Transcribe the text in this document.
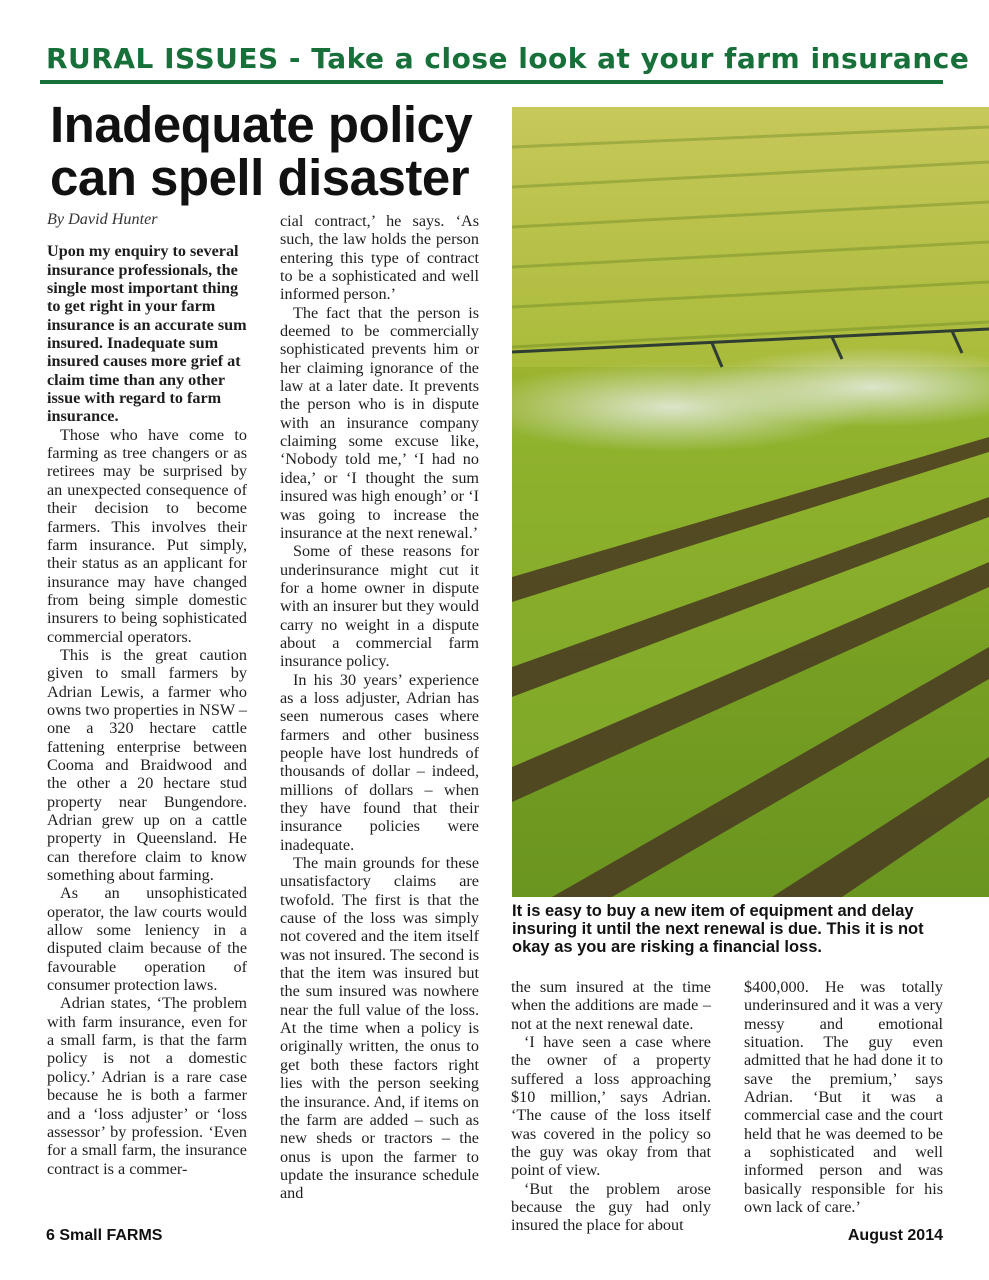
RURAL ISSUES - Take a close look at your farm insurance
Inadequate policy can spell disaster

By David Hunter

Upon my enquiry to several insurance professionals, the single most important thing to get right in your farm insurance is an accurate sum insured. Inadequate sum insured causes more grief at claim time than any other issue with regard to farm insurance.

Those who have come to farming as tree changers or as retirees may be surprised by an unexpected consequence of their decision to become farmers. This involves their farm insurance. Put simply, their status as an applicant for insurance may have changed from being simple domestic insurers to being sophisticated commercial operators.

This is the great caution given to small farmers by Adrian Lewis, a farmer who owns two properties in NSW – one a 320 hectare cattle fattening enterprise between Cooma and Braidwood and the other a 20 hectare stud property near Bungendore. Adrian grew up on a cattle property in Queensland. He can therefore claim to know something about farming.

As an unsophisticated operator, the law courts would allow some leniency in a disputed claim because of the favourable operation of consumer protection laws.

Adrian states, ‘The problem with farm insurance, even for a small farm, is that the farm policy is not a domestic policy.’ Adrian is a rare case because he is both a farmer and a ‘loss adjuster’ or ‘loss assessor’ by profession. ‘Even for a small farm, the insurance contract is a commer-

cial contract,’ he says. ‘As such, the law holds the person entering this type of contract to be a sophisticated and well informed person.’

The fact that the person is deemed to be commercially sophisticated prevents him or her claiming ignorance of the law at a later date. It prevents the person who is in dispute with an insurance company claiming some excuse like, ‘Nobody told me,’ ‘I had no idea,’ or ‘I thought the sum insured was high enough’ or ‘I was going to increase the insurance at the next renewal.’

Some of these reasons for underinsurance might cut it for a home owner in dispute with an insurer but they would carry no weight in a dispute about a commercial farm insurance policy.

In his 30 years’ experience as a loss adjuster, Adrian has seen numerous cases where farmers and other business people have lost hundreds of thousands of dollar – indeed, millions of dollars – when they have found that their insurance policies were inadequate.

The main grounds for these unsatisfactory claims are twofold. The first is that the cause of the loss was simply not covered and the item itself was not insured. The second is that the item was insured but the sum insured was nowhere near the full value of the loss. At the time when a policy is originally written, the onus to get both these factors right lies with the person seeking the insurance. And, if items on the farm are added – such as new sheds or tractors – the onus is upon the farmer to update the insurance schedule and

It is easy to buy a new item of equipment and delay insuring it until the next renewal is due. This it is not okay as you are risking a financial loss.

the sum insured at the time when the additions are made – not at the next renewal date.

‘I have seen a case where the owner of a property suffered a loss approaching $10 million,’ says Adrian. ‘The cause of the loss itself was covered in the policy so the guy was okay from that point of view.

‘But the problem arose because the guy had only insured the place for about

$400,000. He was totally underinsured and it was a very messy and emotional situation. The guy even admitted that he had done it to save the premium,’ says Adrian. ‘But it was a commercial case and the court held that he was deemed to be a sophisticated and well informed person and was basically responsible for his own lack of care.’

6 Small FARMS	August 2014
